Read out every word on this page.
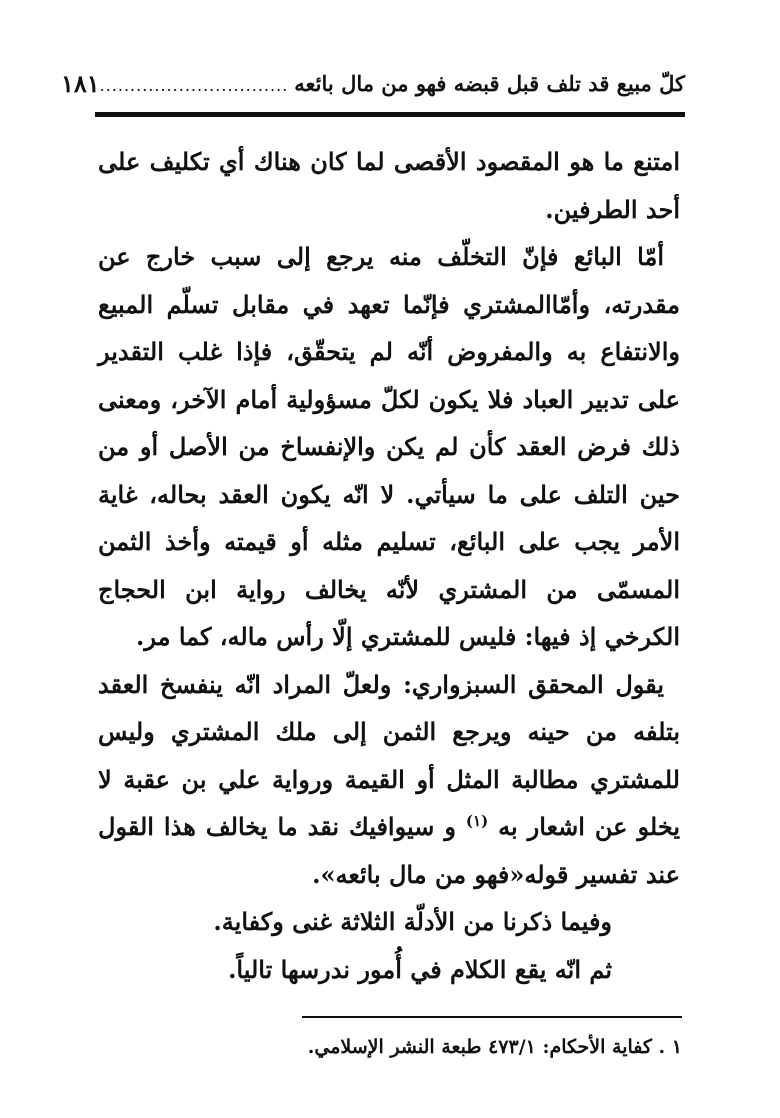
كلّ مبيع قد تلف قبل قبضه فهو من مال بائعه
...............................
١٨١

امتنع ما هو المقصود الأقصى لما كان هناك أي تكليف على أحد الطرفين.

أمّا البائع فإنّ التخلّف منه يرجع إلى سبب خارج عن مقدرته، وأمّاالمشتري فإنّما تعهد في مقابل تسلّم المبيع والانتفاع به والمفروض أنّه لم يتحقّق، فإذا غلب التقدير على تدبير العباد فلا يكون لكلّ مسؤولية أمام الآخر، ومعنى ذلك فرض العقد كأن لم يكن والإنفساخ من الأصل أو من حين التلف على ما سيأتي. لا انّه يكون العقد بحاله، غاية الأمر يجب على البائع، تسليم مثله أو قيمته وأخذ الثمن المسمّى من المشتري لأنّه يخالف رواية ابن الحجاج الكرخي إذ فيها: فليس للمشتري إلّا رأس ماله، كما مر.

يقول المحقق السبزواري: ولعلّ المراد انّه ينفسخ العقد بتلفه من حينه ويرجع الثمن إلى ملك المشتري وليس للمشتري مطالبة المثل أو القيمة ورواية علي بن عقبة لا يخلو عن اشعار به $^{(١)}$ و سيوافيك نقد ما يخالف هذا القول عند تفسير قوله«فهو من مال بائعه».

وفيما ذكرنا من الأدلّة الثلاثة غنى وكفاية.

ثم انّه يقع الكلام في أُمور ندرسها تالياً.

١ . كفاية الأحكام: ٤٧٣/١ طبعة النشر الإسلامي.
